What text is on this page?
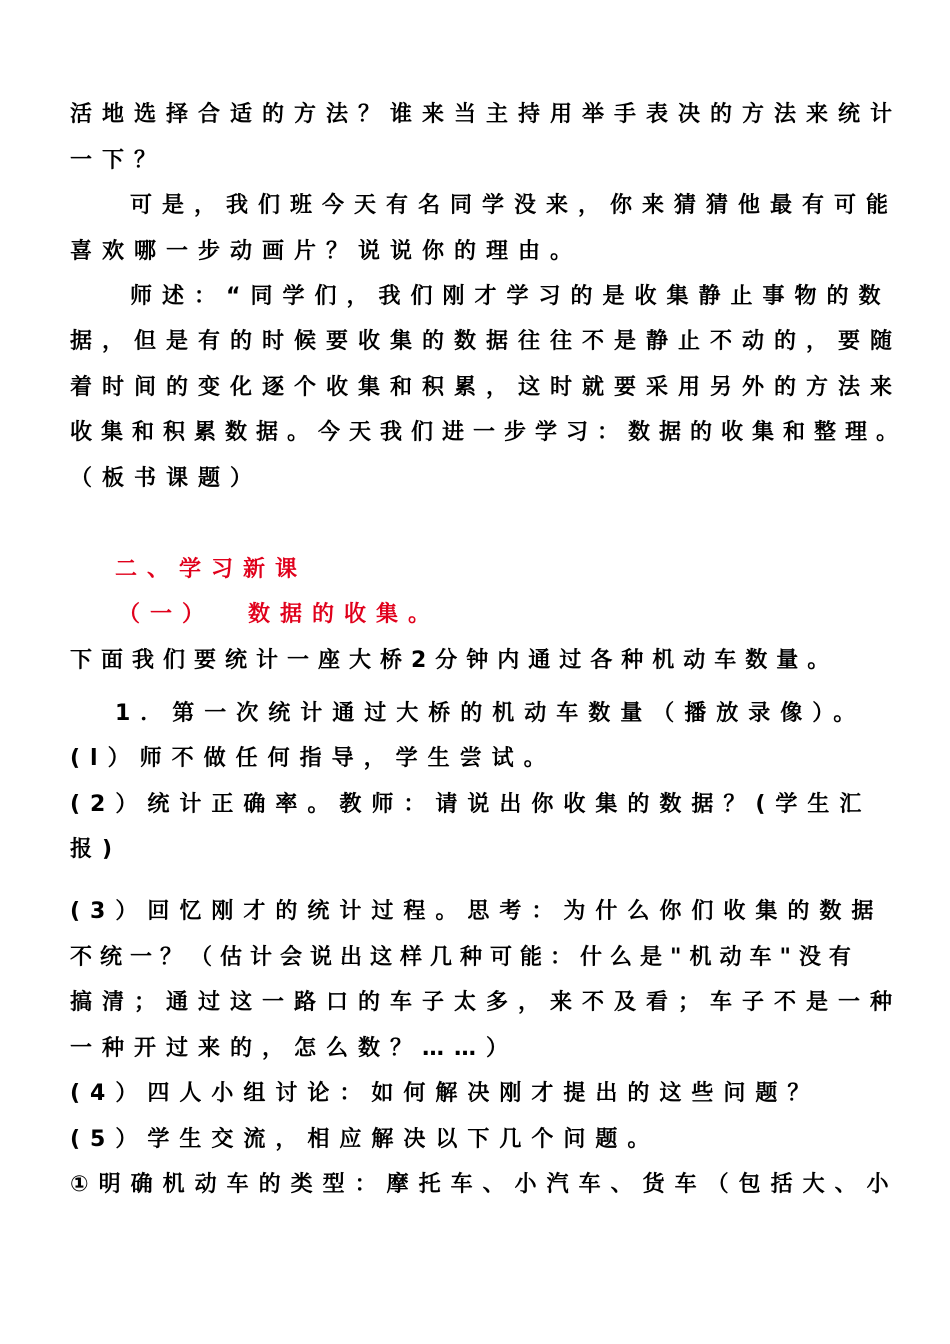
活地选择合适的方法？谁来当主持用举手表决的方法来统计
一下？
可是，我们班今天有名同学没来，你来猜猜他最有可能
喜欢哪一步动画片？说说你的理由。
师述：“同学们，我们刚才学习的是收集静止事物的数
据，但是有的时候要收集的数据往往不是静止不动的，要随
着时间的变化逐个收集和积累，这时就要采用另外的方法来
收集和积累数据。今天我们进一步学习：数据的收集和整理。
（板书课题）
二、学习新课
（一） 数据的收集。
下面我们要统计一座大桥2分钟内通过各种机动车数量。
1．第一次统计通过大桥的机动车数量（播放录像）。
(l）师不做任何指导，学生尝试。
(2）统计正确率。教师：请说出你收集的数据？(学生汇
报)
(3）回忆刚才的统计过程。思考：为什么你们收集的数据
不统一？（估计会说出这样几种可能：什么是"机动车"没有
搞清；通过这一路口的车子太多，来不及看；车子不是一种
一种开过来的，怎么数？……）
(4）四人小组讨论：如何解决刚才提出的这些问题？
(5）学生交流，相应解决以下几个问题。
①明确机动车的类型：摩托车、小汽车、货车（包括大、小
